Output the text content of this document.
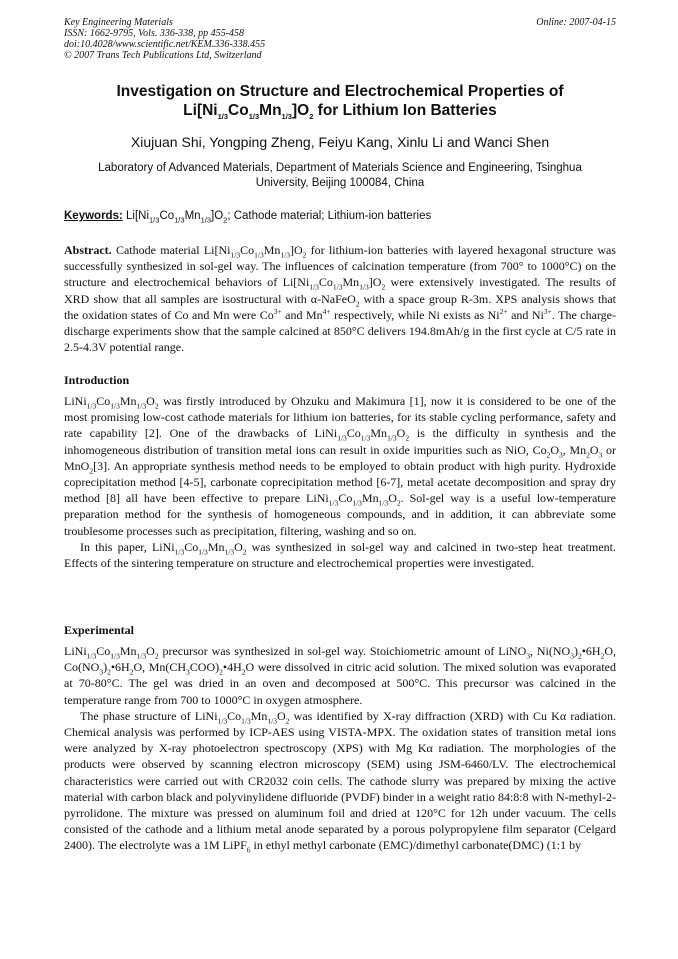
Key Engineering Materials
ISSN: 1662-9795, Vols. 336-338, pp 455-458
doi:10.4028/www.scientific.net/KEM.336-338.455
© 2007 Trans Tech Publications Ltd, Switzerland
Online: 2007-04-15
Investigation on Structure and Electrochemical Properties of
$Li[Ni_{1/3}Co_{1/3}Mn_{1/3}]O_2$ for Lithium Ion Batteries
Xiujuan Shi, Yongping Zheng, Feiyu Kang, Xinlu Li and Wanci Shen
Laboratory of Advanced Materials, Department of Materials Science and Engineering, Tsinghua
University, Beijing 100084, China
Keywords: $Li[Ni_{1/3}Co_{1/3}Mn_{1/3}]O_2$; Cathode material; Lithium-ion batteries

Abstract. Cathode material $Li[Ni_{1/3}Co_{1/3}Mn_{1/3}]O_2$ for lithium-ion batteries with layered hexagonal structure was successfully synthesized in sol-gel way. The influences of calcination temperature (from 700° to 1000°C) on the structure and electrochemical behaviors of $Li[Ni_{1/3}Co_{1/3}Mn_{1/3}]O_2$ were extensively investigated. The results of XRD show that all samples are isostructural with α-NaFeO$_2$ with a space group R-3m. XPS analysis shows that the oxidation states of Co and Mn were $Co^{3+}$ and $Mn^{4+}$ respectively, while Ni exists as $Ni^{2+}$ and $Ni^{3+}$. The charge-discharge experiments show that the sample calcined at 850°C delivers 194.8mAh/g in the first cycle at C/5 rate in 2.5-4.3V potential range.

Introduction

$LiNi_{1/3}Co_{1/3}Mn_{1/3}O_2$ was firstly introduced by Ohzuku and Makimura [1], now it is considered to be one of the most promising low-cost cathode materials for lithium ion batteries, for its stable cycling performance, safety and rate capability [2]. One of the drawbacks of $LiNi_{1/3}Co_{1/3}Mn_{1/3}O_2$ is the difficulty in synthesis and the inhomogeneous distribution of transition metal ions can result in oxide impurities such as NiO, $Co_2O_3$, $Mn_2O_3$ or MnO$_2$[3]. An appropriate synthesis method needs to be employed to obtain product with high purity. Hydroxide coprecipitation method [4-5], carbonate coprecipitation method [6-7], metal acetate decomposition and spray dry method [8] all have been effective to prepare $LiNi_{1/3}Co_{1/3}Mn_{1/3}O_2$. Sol-gel way is a useful low-temperature preparation method for the synthesis of homogeneous compounds, and in addition, it can abbreviate some troublesome processes such as precipitation, filtering, washing and so on.

In this paper, $LiNi_{1/3}Co_{1/3}Mn_{1/3}O_2$ was synthesized in sol-gel way and calcined in two-step heat treatment. Effects of the sintering temperature on structure and electrochemical properties were investigated.

Experimental

$LiNi_{1/3}Co_{1/3}Mn_{1/3}O_2$ precursor was synthesized in sol-gel way. Stoichiometric amount of LiNO$_3$, $Ni(NO_3)_2•6H_2O$, $Co(NO_3)_2•6H_2O$, $Mn(CH_3COO)_2•4H_2O$ were dissolved in citric acid solution. The mixed solution was evaporated at 70-80°C. The gel was dried in an oven and decomposed at 500°C. This precursor was calcined in the temperature range from 700 to 1000°C in oxygen atmosphere.

The phase structure of $LiNi_{1/3}Co_{1/3}Mn_{1/3}O_2$ was identified by X-ray diffraction (XRD) with Cu Kα radiation. Chemical analysis was performed by ICP-AES using VISTA-MPX. The oxidation states of transition metal ions were analyzed by X-ray photoelectron spectroscopy (XPS) with Mg Kα radiation. The morphologies of the products were observed by scanning electron microscopy (SEM) using JSM-6460/LV. The electrochemical characteristics were carried out with CR2032 coin cells. The cathode slurry was prepared by mixing the active material with carbon black and polyvinylidene difluoride (PVDF) binder in a weight ratio 84:8:8 with N-methyl-2-pyrrolidone. The mixture was pressed on aluminum foil and dried at 120°C for 12h under vacuum. The cells consisted of the cathode and a lithium metal anode separated by a porous polypropylene film separator (Celgard 2400). The electrolyte was a 1M LiPF$_6$ in ethyl methyl carbonate (EMC)/dimethyl carbonate(DMC) (1:1 by
